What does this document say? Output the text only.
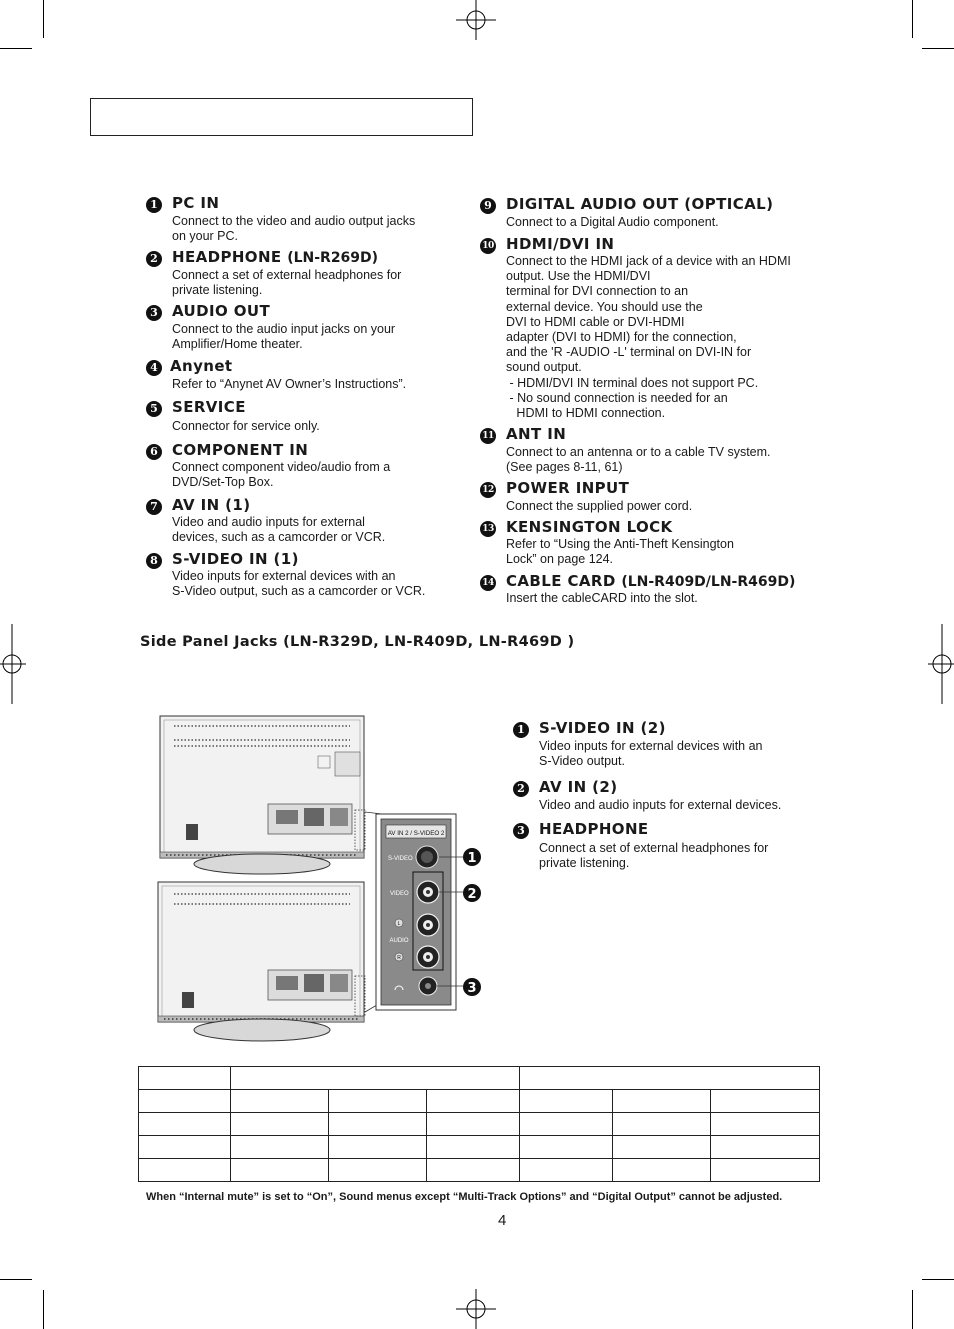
1 PC IN
Connect to the video and audio output jacks
on your PC.
2 HEADPHONE (LN-R269D)
Connect a set of external headphones for
private listening.
3 AUDIO OUT
Connect to the audio input jacks on your
Amplifier/Home theater.
4 Anynet
Refer to “Anynet AV Owner’s Instructions”.
5 SERVICE
Connector for service only.
6 COMPONENT IN
Connect component video/audio from a
DVD/Set-Top Box.
7 AV IN (1)
Video and audio inputs for external
devices, such as a camcorder or VCR.
8 S-VIDEO IN (1)
Video inputs for external devices with an
S-Video output, such as a camcorder or VCR.
9 DIGITAL AUDIO OUT (OPTICAL)
Connect to a Digital Audio component.
10 HDMI/DVI IN
Connect to the HDMI jack of a device with an HDMI
output. Use the HDMI/DVI
terminal for DVI connection to an
external device. You should use the
DVI to HDMI cable or DVI-HDMI
adapter (DVI to HDMI) for the connection,
and the 'R -AUDIO -L' terminal on DVI-IN for
sound output.
- HDMI/DVI IN terminal does not support PC.
- No sound connection is needed for an
HDMI to HDMI connection.
11 ANT IN
Connect to an antenna or to a cable TV system.
(See pages 8-11, 61)
12 POWER INPUT
Connect the supplied power cord.
13 KENSINGTON LOCK
Refer to “Using the Anti-Theft Kensington
Lock” on page 124.
14 CABLE CARD (LN-R409D/LN-R469D)
Insert the cableCARD into the slot.
Side Panel Jacks (LN-R329D, LN-R409D, LN-R469D )
AV IN 2 / S-VIDEO 2
S-VIDEO
VIDEO
L
AUDIO
R
1
2
3
1 S-VIDEO IN (2)
Video inputs for external devices with an
S-Video output.
2 AV IN (2)
Video and audio inputs for external devices.
3 HEADPHONE
Connect a set of external headphones for
private listening.

When “Internal mute” is set to “On”, Sound menus except “Multi-Track Options” and “Digital Output” cannot be adjusted.
4
